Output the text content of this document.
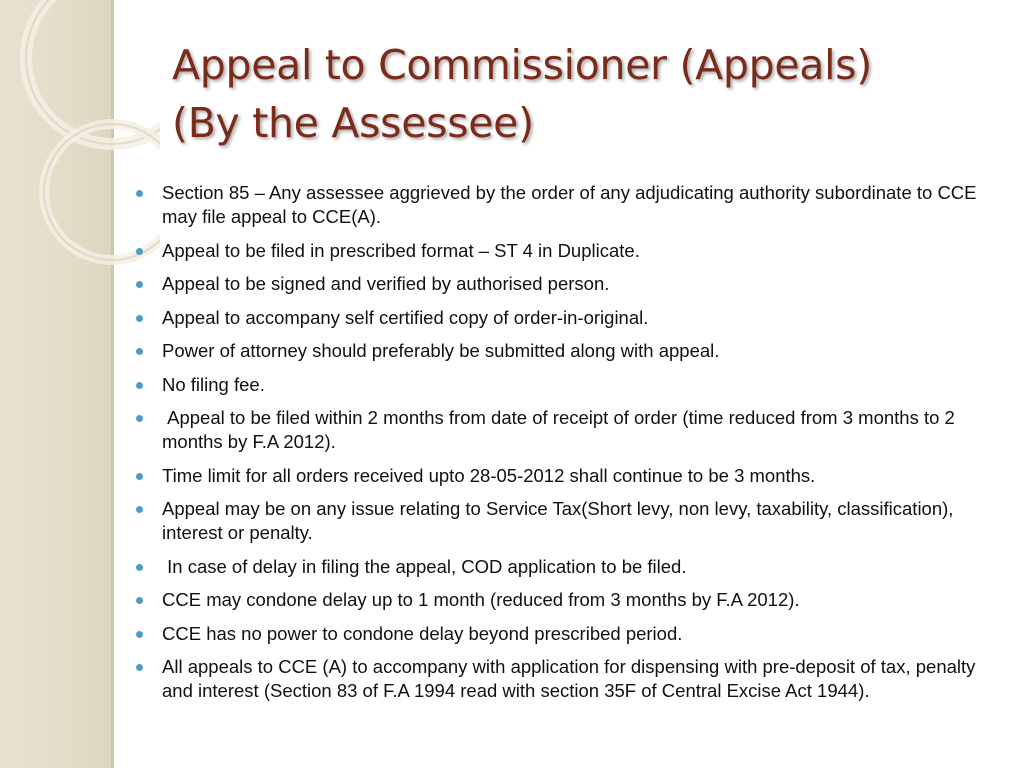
Appeal to Commissioner (Appeals)
(By the Assessee)
Section 85 – Any assessee aggrieved by the order of any adjudicating authority subordinate to CCE may file appeal to CCE(A).
Appeal to be filed in prescribed format – ST 4 in Duplicate.
Appeal to be signed and verified by authorised person.
Appeal to accompany self certified copy of order-in-original.
Power of attorney should preferably be submitted along with appeal.
No filing fee.
Appeal to be filed within 2 months from date of receipt of order (time reduced from 3 months to 2 months by F.A 2012).
Time limit for all orders received upto 28-05-2012 shall continue to be 3 months.
Appeal may be on any issue relating to Service Tax(Short levy, non levy, taxability, classification), interest or penalty.
In case of delay in filing the appeal, COD application to be filed.
CCE may condone delay up to 1 month (reduced from 3 months by F.A 2012).
CCE has no power to condone delay beyond prescribed period.
All appeals to CCE (A) to accompany with application for dispensing with pre-deposit of tax, penalty and interest (Section 83 of F.A 1994 read with section 35F of Central Excise Act 1944).
